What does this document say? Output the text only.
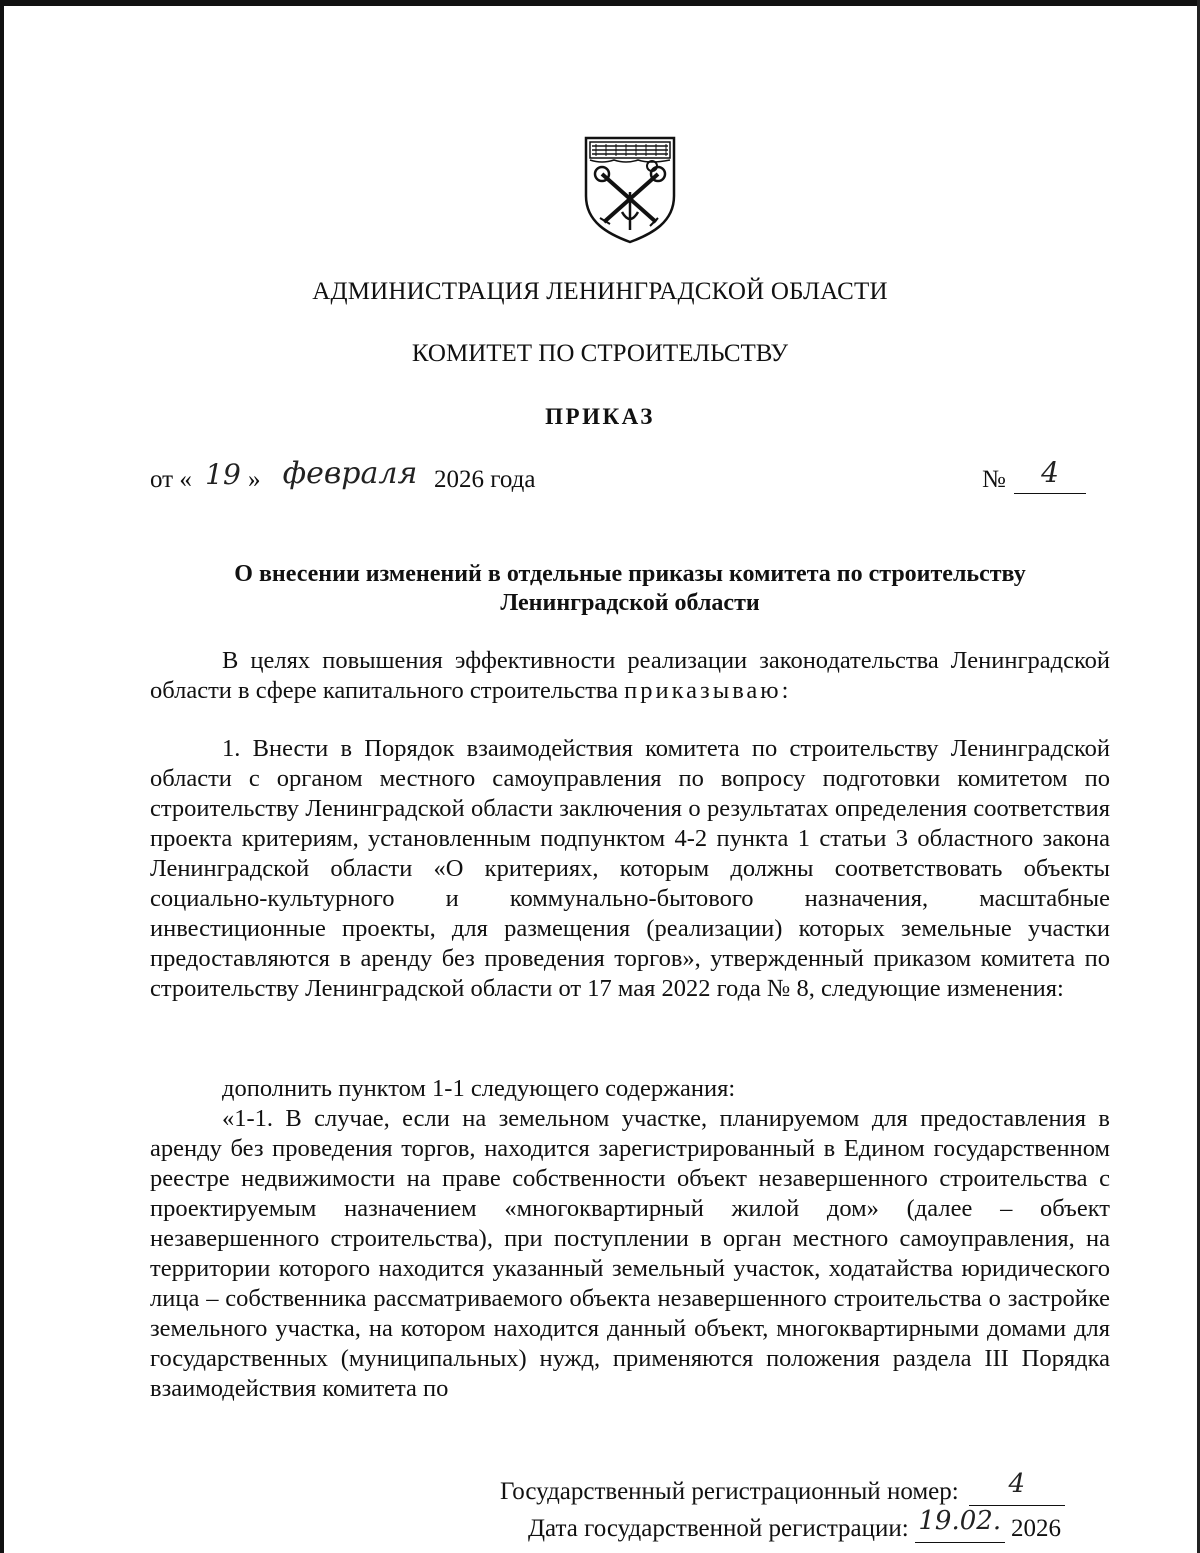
АДМИНИСТРАЦИЯ ЛЕНИНГРАДСКОЙ ОБЛАСТИ
КОМИТЕТ ПО СТРОИТЕЛЬСТВУ
ПРИКАЗ
от « 19 » февраля 2026 года	№	4
О внесении изменений в отдельные приказы комитета по строительству Ленинградской области
В целях повышения эффективности реализации законодательства Ленинградской области в сфере капитального строительства приказываю:
1. Внести в Порядок взаимодействия комитета по строительству Ленинградской области с органом местного самоуправления по вопросу подготовки комитетом по строительству Ленинградской области заключения о результатах определения соответствия проекта критериям, установленным подпунктом 4-2 пункта 1 статьи 3 областного закона Ленинградской области «О критериях, которым должны соответствовать объекты социально-культурного и коммунально-бытового назначения, масштабные инвестиционные проекты, для размещения (реализации) которых земельные участки предоставляются в аренду без проведения торгов», утвержденный приказом комитета по строительству Ленинградской области от 17 мая 2022 года № 8, следующие изменения:
дополнить пунктом 1-1 следующего содержания:
«1-1. В случае, если на земельном участке, планируемом для предоставления в аренду без проведения торгов, находится зарегистрированный в Едином государственном реестре недвижимости на праве собственности объект незавершенного строительства с проектируемым назначением «многоквартирный жилой дом» (далее – объект незавершенного строительства), при поступлении в орган местного самоуправления, на территории которого находится указанный земельный участок, ходатайства юридического лица – собственника рассматриваемого объекта незавершенного строительства о застройке земельного участка, на котором находится данный объект, многоквартирными домами для государственных (муниципальных) нужд, применяются положения раздела III Порядка взаимодействия комитета по
Государственный регистрационный номер:	4
Дата государственной регистрации: 19.02. 2026
